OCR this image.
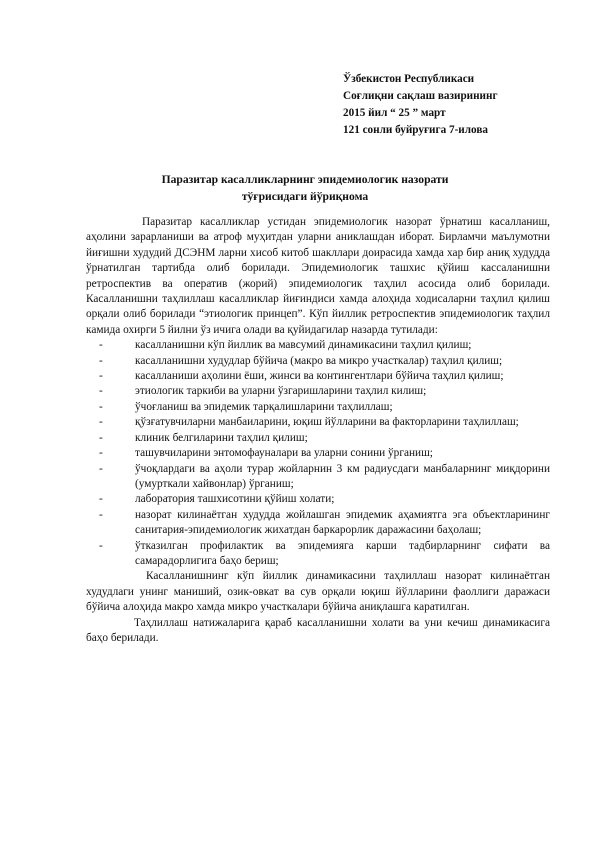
Ўзбекистон Республикаси
Соғлиқни сақлаш вазирининг
2015 йил “ 25 ” март
121 сонли буйруғига 7-илова
Паразитар касалликларнинг эпидемиологик назорати
тўғрисидаги йўриқнома

Паразитар касалликлар устидан эпидемиологик назорат ўрнатиш касалланиш, аҳолини зарарланиши ва атроф муҳитдан уларни аниклашдан иборат. Бирламчи маълумотни йиғишни худудий ДСЭНМ ларни хисоб китоб шакллари доирасида хамда хар бир аниқ худудда ўрнатилган тартибда олиб борилади. Эпидемиологик ташхис қўйиш кассаланишни ретроспектив ва оператив (жорий) эпидемиологик таҳлил асосида олиб борилади. Касалланишни таҳлиллаш касалликлар йиғиндиси хамда алоҳида ходисаларни таҳлил қилиш орқали олиб борилади “этиологик принцеп”. Кўп йиллик ретроспектив эпидемиологик таҳлил камида охирги 5 йилни ўз ичига олади ва қуйидагилар назарда тутилади:

- касалланишни кўп йиллик ва мавсумий динамикасини таҳлил қилиш;
- касалланишни худудлар бўйича (макро ва микро участкалар) таҳлил қилиш;
- касалланиши аҳолини ёши, жинси ва контингентлари бўйича таҳлил қилиш;
- этиологик таркиби ва уларни ўзгаришларини таҳлил килиш;
- ўчоғланиш ва эпидемик тарқалишларини таҳлиллаш;
- қўзғатувчиларни манбаиларини, юқиш йўлларини ва факторларини таҳлиллаш;
- клиник белгиларини таҳлил қилиш;
- ташувчиларини энтомофауналари ва уларни сонини ўрганиш;
- ўчоқлардаги ва аҳоли турар жойларнин 3 км радиусдаги манбаларнинг миқдорини (умурткали хайвонлар) ўрганиш;
- лаборатория ташхисотини қўйиш холати;
- назорат килинаётган худудда жойлашган эпидемик аҳамиятга эга объектларининг санитария-эпидемиологик жихатдан баркарорлик даражасини баҳолаш;
- ўтказилган профилактик ва эпидемияга карши тадбирларнинг сифати ва самарадорлигига баҳо бериш;

Касалланишнинг кўп йиллик динамикасини таҳлиллаш назорат килинаётган худудлаги унинг маниший, озик-овкат ва сув орқали юқиш йўлларини фаоллиги даражаси бўйича алоҳида макро хамда микро участкалари бўйича аниқлашга каратилган.

Таҳлиллаш натижаларига қараб касалланишни холати ва уни кечиш динамикасига баҳо берилади.
